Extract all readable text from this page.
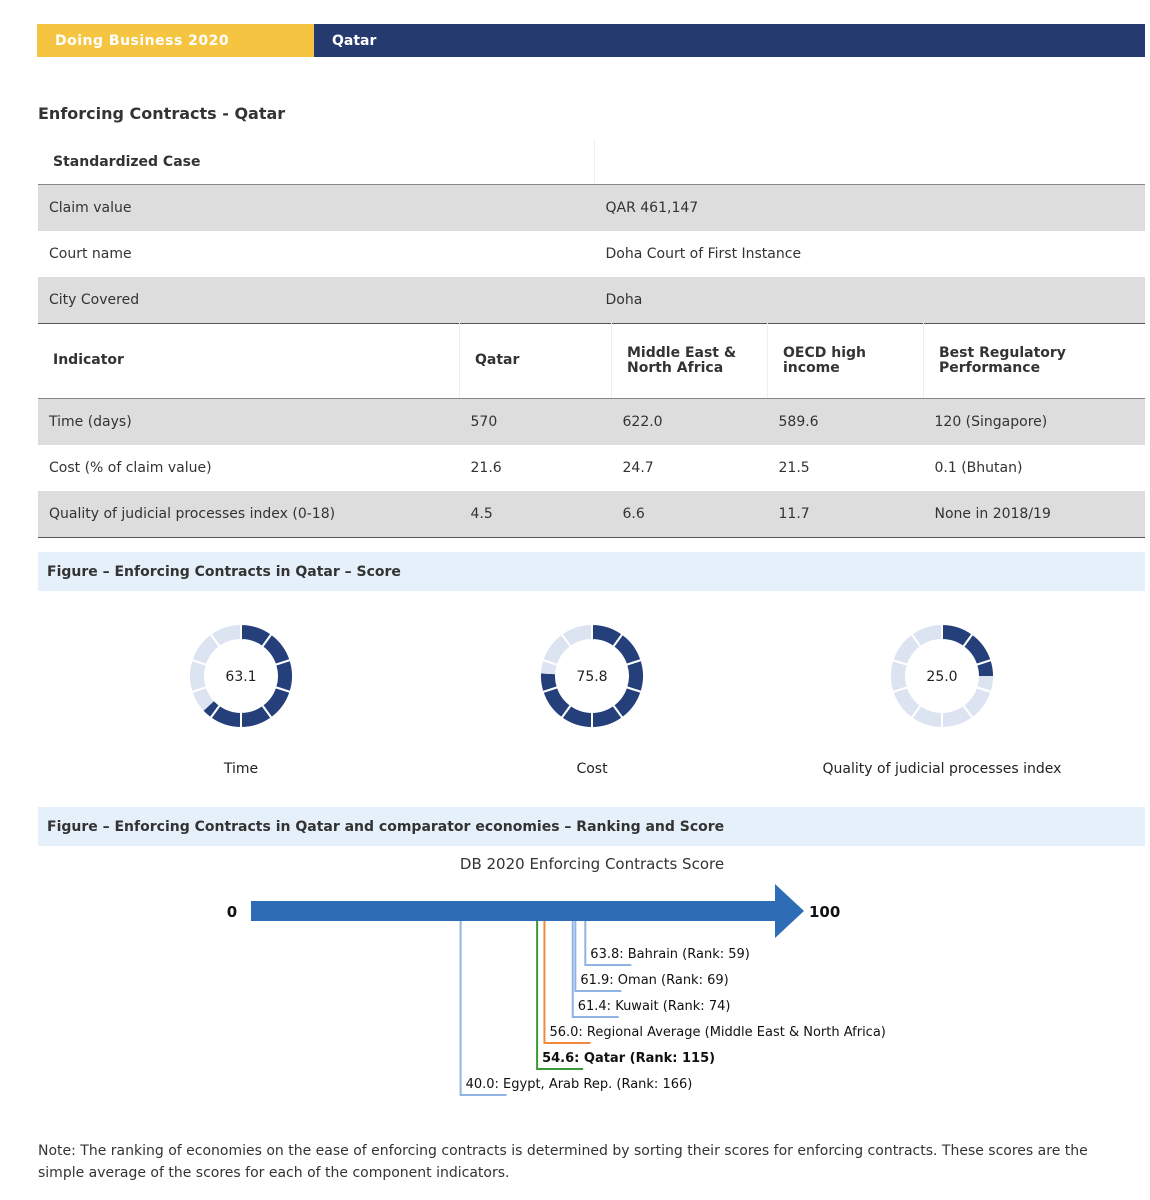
Doing Business 2020	Qatar
Enforcing Contracts - Qatar
Standardized Case	
Claim value	QAR 461,147
Court name	Doha Court of First Instance
City Covered	Doha
Indicator	Qatar	Middle East & North Africa	OECD high income	Best Regulatory Performance
Time (days)	570	622.0	589.6	120 (Singapore)
Cost (% of claim value)	21.6	24.7	21.5	0.1 (Bhutan)
Quality of judicial processes index (0-18)	4.5	6.6	11.7	None in 2018/19
Figure – Enforcing Contracts in Qatar – Score
63.1	75.8	25.0
Time	Cost	Quality of judicial processes index
Figure – Enforcing Contracts in Qatar and comparator economies – Ranking and Score
DB 2020 Enforcing Contracts Score
0	100
63.8: Bahrain (Rank: 59)
61.9: Oman (Rank: 69)
61.4: Kuwait (Rank: 74)
56.0: Regional Average (Middle East & North Africa)
54.6: Qatar (Rank: 115)
40.0: Egypt, Arab Rep. (Rank: 166)
Note: The ranking of economies on the ease of enforcing contracts is determined by sorting their scores for enforcing contracts. These scores are the simple average of the scores for each of the component indicators.
